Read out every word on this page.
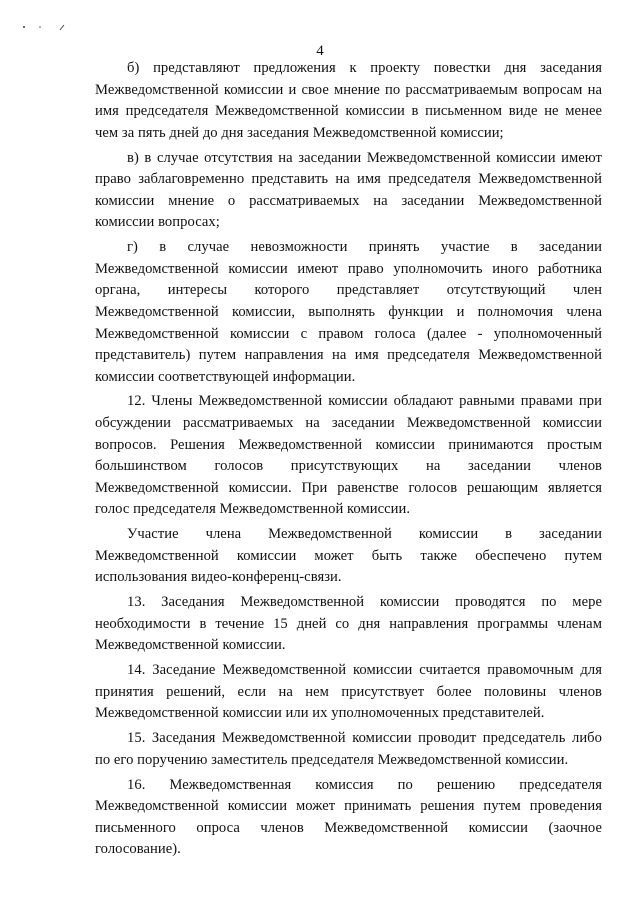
4

б) представляют предложения к проекту повестки дня заседания Межведомственной комиссии и свое мнение по рассматриваемым вопросам на имя председателя Межведомственной комиссии в письменном виде не менее чем за пять дней до дня заседания Межведомственной комиссии;

в) в случае отсутствия на заседании Межведомственной комиссии имеют право заблаговременно представить на имя председателя Межведомственной комиссии мнение о рассматриваемых на заседании Межведомственной комиссии вопросах;

г) в случае невозможности принять участие в заседании Межведомственной комиссии имеют право уполномочить иного работника органа, интересы которого представляет отсутствующий член Межведомственной комиссии, выполнять функции и полномочия члена Межведомственной комиссии с правом голоса (далее - уполномоченный представитель) путем направления на имя председателя Межведомственной комиссии соответствующей информации.

12. Члены Межведомственной комиссии обладают равными правами при обсуждении рассматриваемых на заседании Межведомственной комиссии вопросов. Решения Межведомственной комиссии принимаются простым большинством голосов присутствующих на заседании членов Межведомственной комиссии. При равенстве голосов решающим является голос председателя Межведомственной комиссии.

Участие члена Межведомственной комиссии в заседании Межведомственной комиссии может быть также обеспечено путем использования видео-конференц-связи.

13. Заседания Межведомственной комиссии проводятся по мере необходимости в течение 15 дней со дня направления программы членам Межведомственной комиссии.

14. Заседание Межведомственной комиссии считается правомочным для принятия решений, если на нем присутствует более половины членов Межведомственной комиссии или их уполномоченных представителей.

15. Заседания Межведомственной комиссии проводит председатель либо по его поручению заместитель председателя Межведомственной комиссии.

16. Межведомственная комиссия по решению председателя Межведомственной комиссии может принимать решения путем проведения письменного опроса членов Межведомственной комиссии (заочное голосование).
